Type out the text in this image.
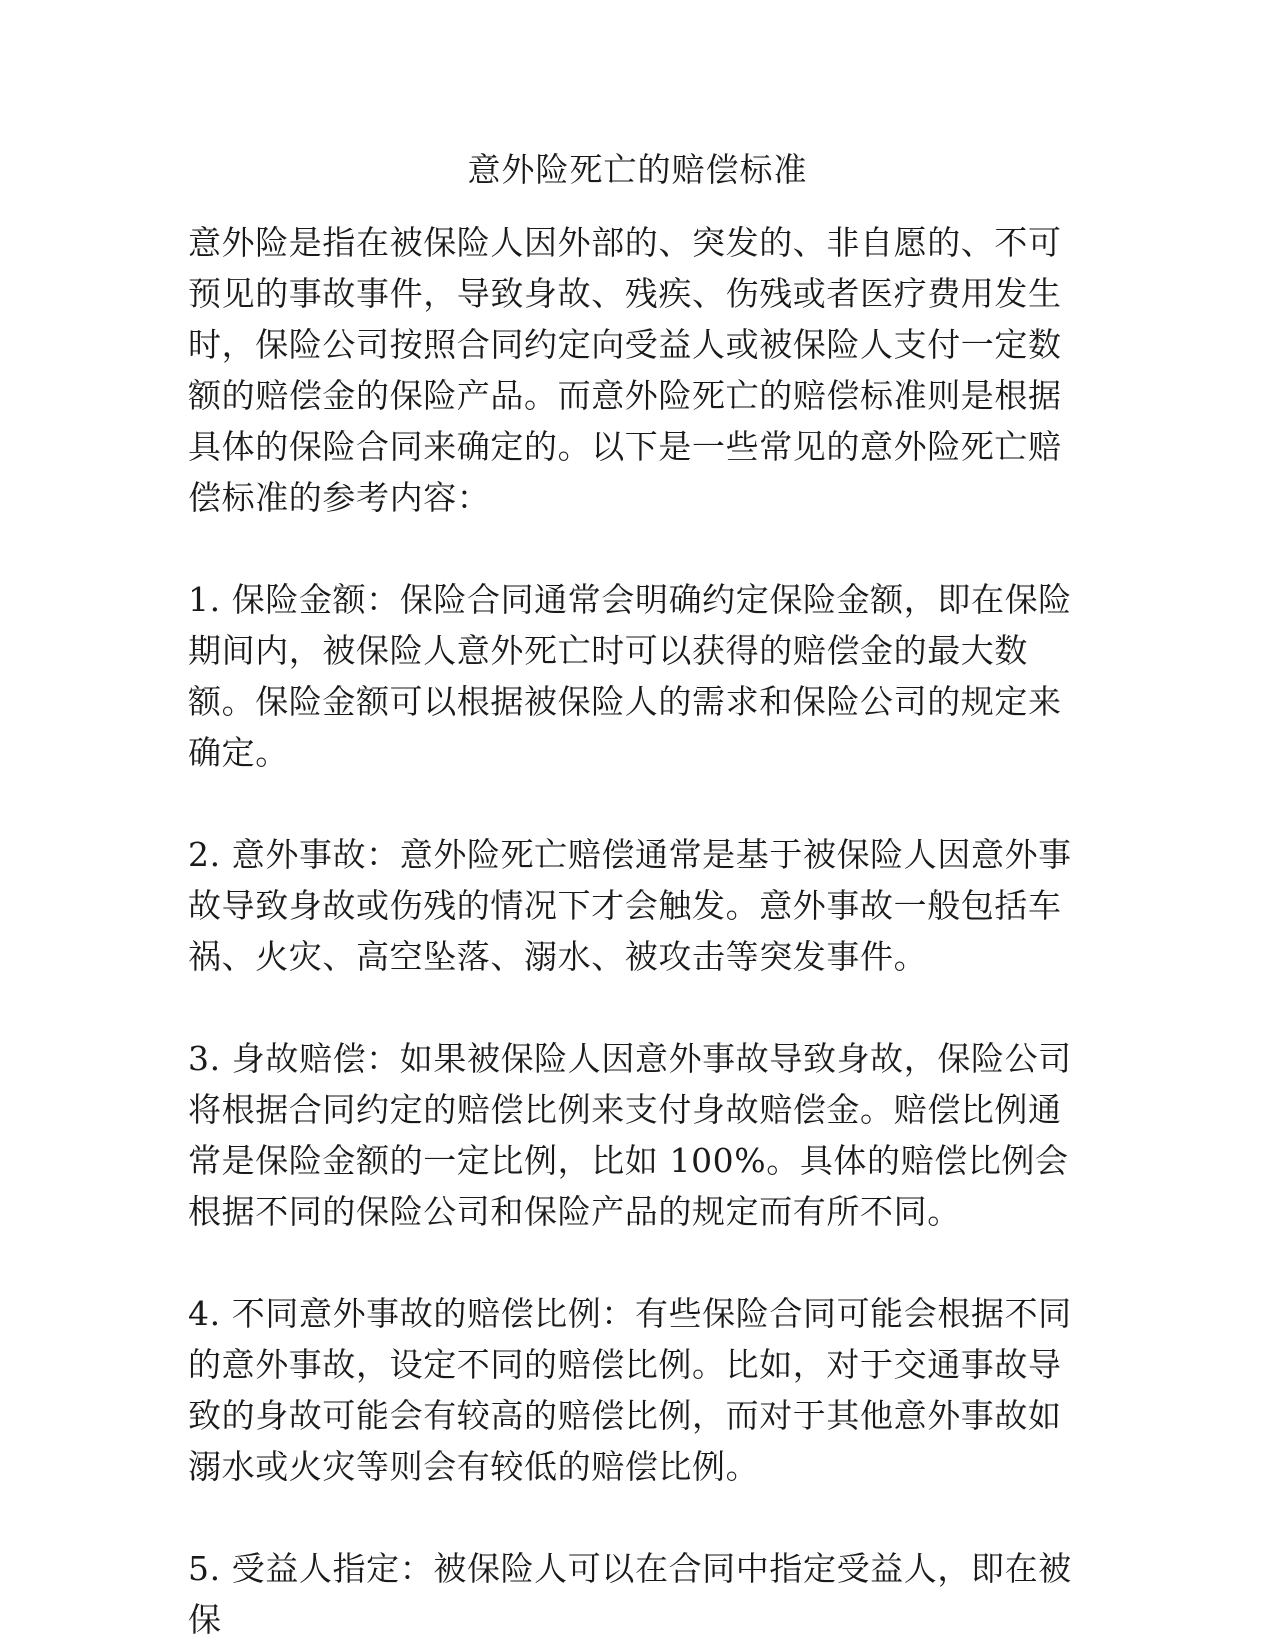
意外险死亡的赔偿标准

意外险是指在被保险人因外部的、突发的、非自愿的、不可预见的事故事件，导致身故、残疾、伤残或者医疗费用发生时，保险公司按照合同约定向受益人或被保险人支付一定数额的赔偿金的保险产品。而意外险死亡的赔偿标准则是根据具体的保险合同来确定的。以下是一些常见的意外险死亡赔偿标准的参考内容：

1. 保险金额：保险合同通常会明确约定保险金额，即在保险期间内，被保险人意外死亡时可以获得的赔偿金的最大数额。保险金额可以根据被保险人的需求和保险公司的规定来确定。

2. 意外事故：意外险死亡赔偿通常是基于被保险人因意外事故导致身故或伤残的情况下才会触发。意外事故一般包括车祸、火灾、高空坠落、溺水、被攻击等突发事件。

3. 身故赔偿：如果被保险人因意外事故导致身故，保险公司将根据合同约定的赔偿比例来支付身故赔偿金。赔偿比例通常是保险金额的一定比例，比如 100%。具体的赔偿比例会根据不同的保险公司和保险产品的规定而有所不同。

4. 不同意外事故的赔偿比例：有些保险合同可能会根据不同的意外事故，设定不同的赔偿比例。比如，对于交通事故导致的身故可能会有较高的赔偿比例，而对于其他意外事故如溺水或火灾等则会有较低的赔偿比例。

5. 受益人指定：被保险人可以在合同中指定受益人，即在被保
